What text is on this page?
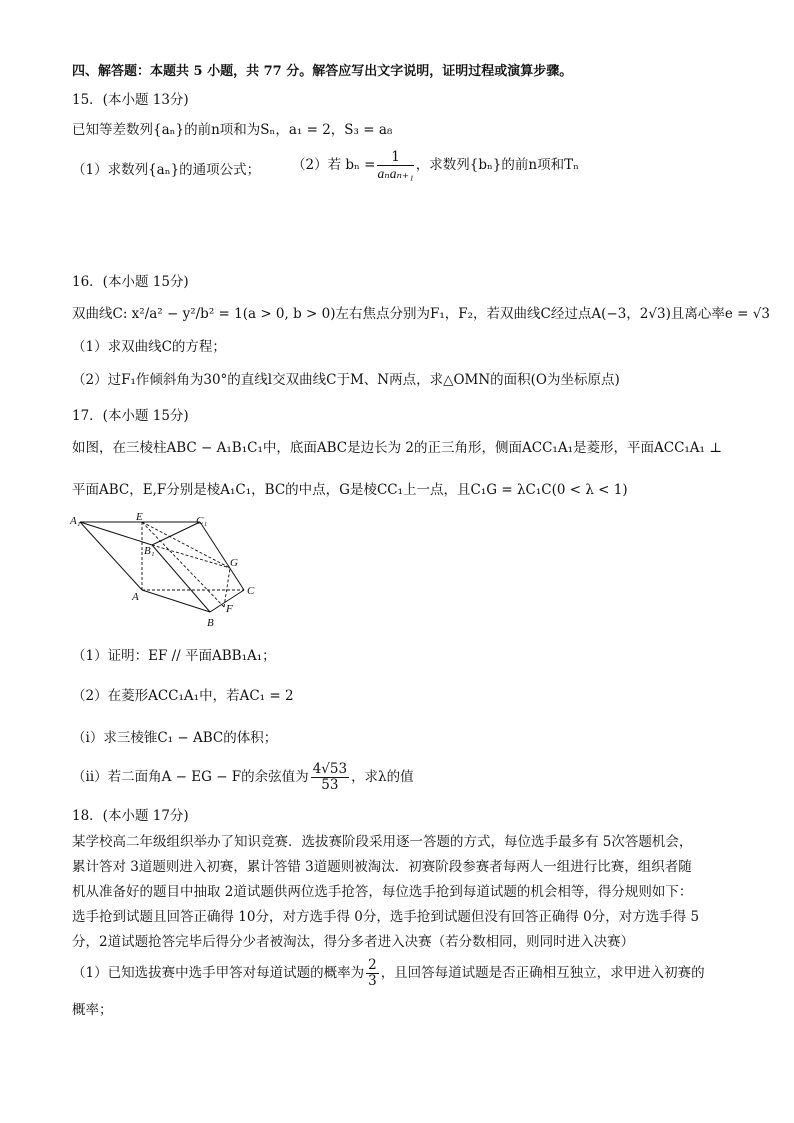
四、解答题：本题共 5 小题，共 77 分。解答应写出文字说明，证明过程或演算步骤。
15．(本小题 13分)
已知等差数列{aₙ}的前n项和为Sₙ，a₁ = 2，S₃ = a₈
（1）求数列{aₙ}的通项公式； （2）若 $b_n = \frac{1}{\text{aₙaₙ₊₁}}$ ，求数列{bₙ}的前n项和Tₙ
16．(本小题 15分)
双曲线C: x²/a² − y²/b² = 1(a > 0, b > 0)左右焦点分别为F₁，F₂，若双曲线C经过点A(−3，2√3)且离心率e = √3
（1）求双曲线C的方程；
（2）过F₁作倾斜角为30°的直线l交双曲线C于M、N两点，求△OMN的面积(O为坐标原点)
17．(本小题 15分)
如图，在三棱柱ABC − A₁B₁C₁中，底面ABC是边长为 2的正三角形，侧面ACC₁A₁是菱形，平面ACC₁A₁ ⊥
平面ABC，E,F分别是棱A₁C₁，BC的中点，G是棱CC₁上一点，且C₁G = λC₁C(0 < λ < 1)
A₁	E	C₁
B₁
G
C
A
F
B
（1）证明：EF // 平面ABB₁A₁；
（2）在菱形ACC₁A₁中，若AC₁ = 2
（ⅰ）求三棱锥C₁ − ABC的体积；
（ⅱ）若二面角A − EG − F的余弦值为 $\frac{4√53}{53}$ ，求λ的值
18．(本小题 17分)
某学校高二年级组织举办了知识竞赛．选拔赛阶段采用逐一答题的方式，每位选手最多有 5次答题机会，
累计答对 3道题则进入初赛，累计答错 3道题则被淘汰．初赛阶段参赛者每两人一组进行比赛，组织者随
机从准备好的题目中抽取 2道试题供两位选手抢答，每位选手抢到每道试题的机会相等，得分规则如下：
选手抢到试题且回答正确得 10分，对方选手得 0分，选手抢到试题但没有回答正确得 0分，对方选手得 5
分，2道试题抢答完毕后得分少者被淘汰，得分多者进入决赛（若分数相同，则同时进入决赛）
（1）已知选拔赛中选手甲答对每道试题的概率为 $\frac{2}{3}$ ，且回答每道试题是否正确相互独立，求甲进入初赛的
概率；
